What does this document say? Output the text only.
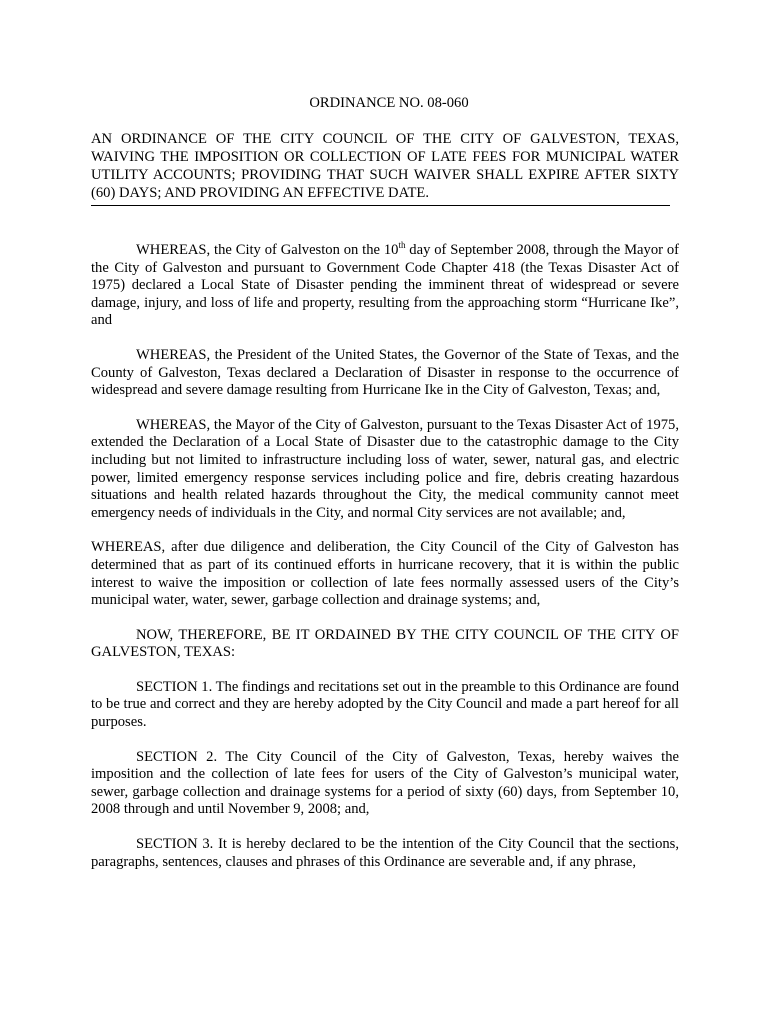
ORDINANCE NO. 08-060

AN ORDINANCE OF THE CITY COUNCIL OF THE CITY OF GALVESTON, TEXAS, WAIVING THE IMPOSITION OR COLLECTION OF LATE FEES FOR MUNICIPAL WATER UTILITY ACCOUNTS; PROVIDING THAT SUCH WAIVER SHALL EXPIRE AFTER SIXTY (60) DAYS; AND PROVIDING AN EFFECTIVE DATE.

WHEREAS, the City of Galveston on the 10th day of September 2008, through the Mayor of the City of Galveston and pursuant to Government Code Chapter 418 (the Texas Disaster Act of 1975) declared a Local State of Disaster pending the imminent threat of widespread or severe damage, injury, and loss of life and property, resulting from the approaching storm “Hurricane Ike”, and

WHEREAS, the President of the United States, the Governor of the State of Texas, and the County of Galveston, Texas declared a Declaration of Disaster in response to the occurrence of widespread and severe damage resulting from Hurricane Ike in the City of Galveston, Texas; and,

WHEREAS, the Mayor of the City of Galveston, pursuant to the Texas Disaster Act of 1975, extended the Declaration of a Local State of Disaster due to the catastrophic damage to the City including but not limited to infrastructure including loss of water, sewer, natural gas, and electric power, limited emergency response services including police and fire, debris creating hazardous situations and health related hazards throughout the City, the medical community cannot meet emergency needs of individuals in the City, and normal City services are not available; and,

WHEREAS, after due diligence and deliberation, the City Council of the City of Galveston has determined that as part of its continued efforts in hurricane recovery, that it is within the public interest to waive the imposition or collection of late fees normally assessed users of the City’s municipal water, water, sewer, garbage collection and drainage systems; and,

NOW, THEREFORE, BE IT ORDAINED BY THE CITY COUNCIL OF THE CITY OF GALVESTON, TEXAS:

SECTION 1. The findings and recitations set out in the preamble to this Ordinance are found to be true and correct and they are hereby adopted by the City Council and made a part hereof for all purposes.

SECTION 2. The City Council of the City of Galveston, Texas, hereby waives the imposition and the collection of late fees for users of the City of Galveston’s municipal water, sewer, garbage collection and drainage systems for a period of sixty (60) days, from September 10, 2008 through and until November 9, 2008; and,

SECTION 3. It is hereby declared to be the intention of the City Council that the sections, paragraphs, sentences, clauses and phrases of this Ordinance are severable and, if any phrase,
